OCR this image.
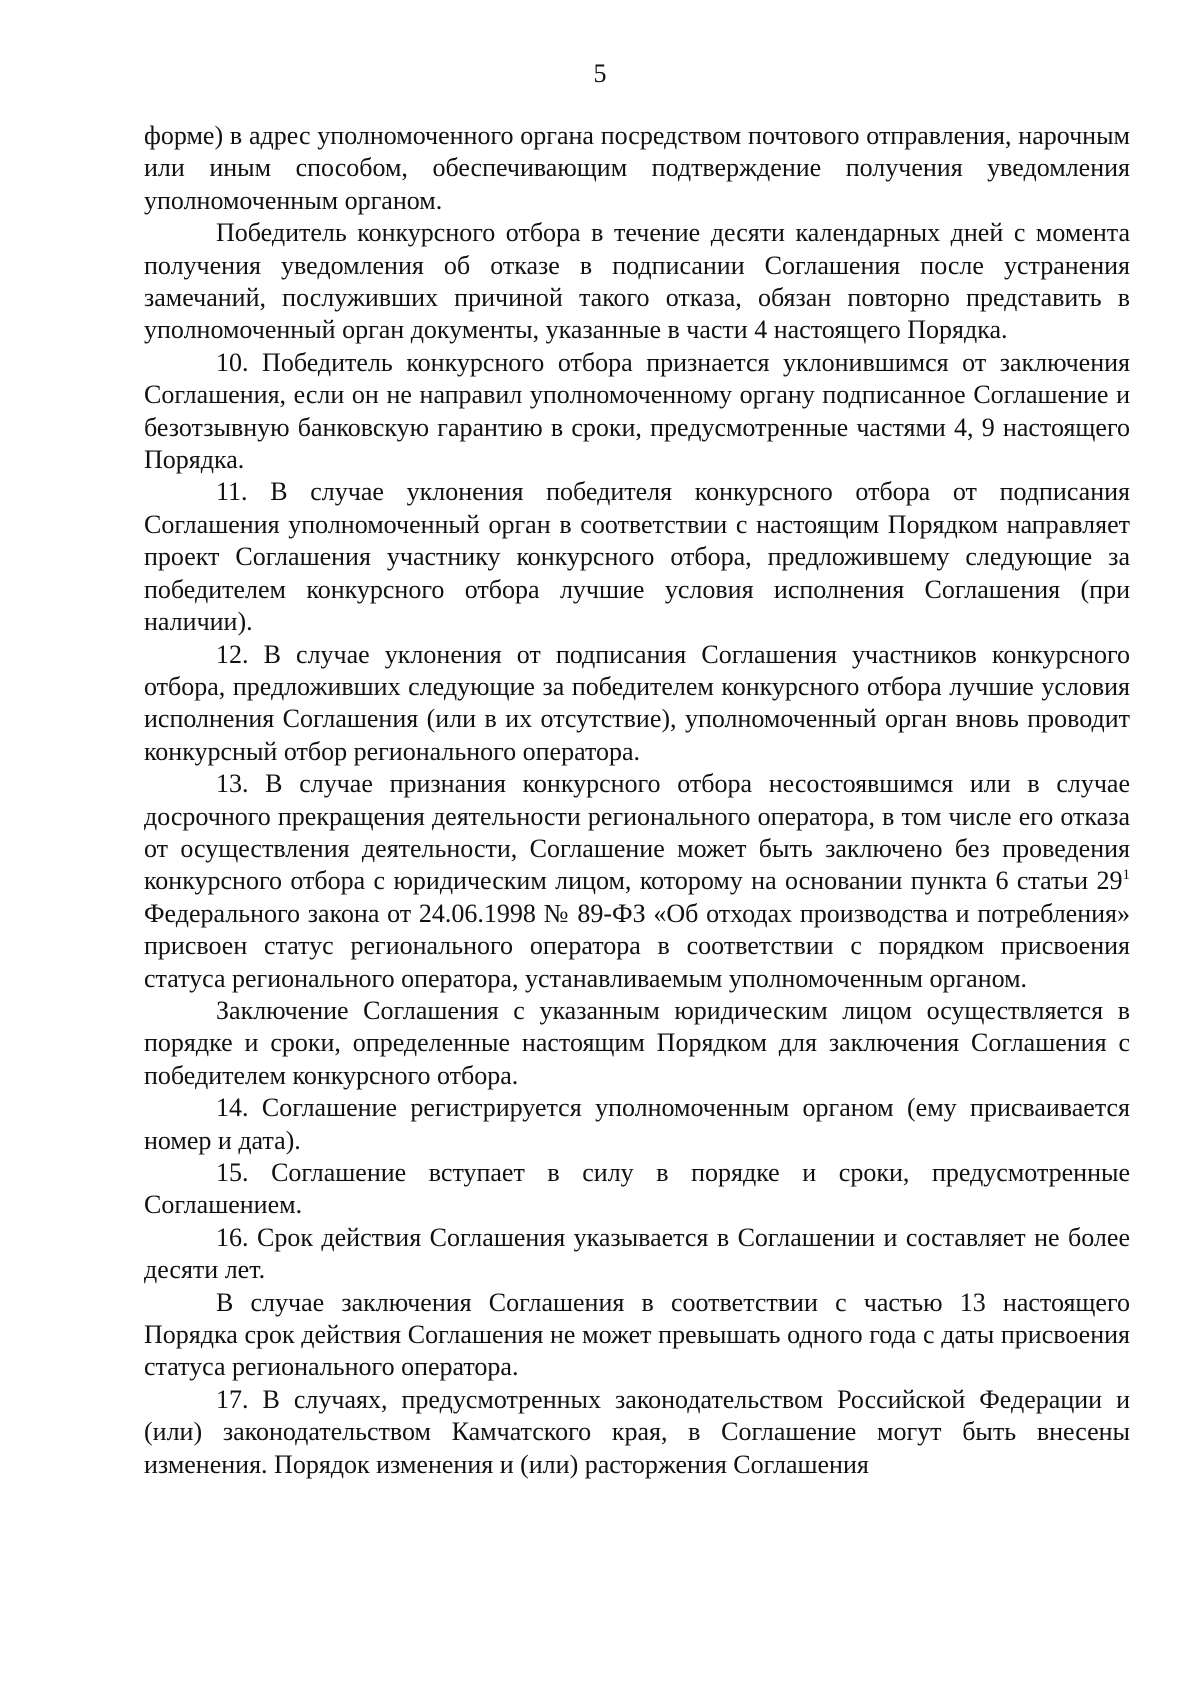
5

форме) в адрес уполномоченного органа посредством почтового отправления, нарочным или иным способом, обеспечивающим подтверждение получения уведомления уполномоченным органом.

Победитель конкурсного отбора в течение десяти календарных дней с момента получения уведомления об отказе в подписании Соглашения после устранения замечаний, послуживших причиной такого отказа, обязан повторно представить в уполномоченный орган документы, указанные в части 4 настоящего Порядка.

10. Победитель конкурсного отбора признается уклонившимся от заключения Соглашения, если он не направил уполномоченному органу подписанное Соглашение и безотзывную банковскую гарантию в сроки, предусмотренные частями 4, 9 настоящего Порядка.

11. В случае уклонения победителя конкурсного отбора от подписания Соглашения уполномоченный орган в соответствии с настоящим Порядком направляет проект Соглашения участнику конкурсного отбора, предложившему следующие за победителем конкурсного отбора лучшие условия исполнения Соглашения (при наличии).

12. В случае уклонения от подписания Соглашения участников конкурсного отбора, предложивших следующие за победителем конкурсного отбора лучшие условия исполнения Соглашения (или в их отсутствие), уполномоченный орган вновь проводит конкурсный отбор регионального оператора.

13. В случае признания конкурсного отбора несостоявшимся или в случае досрочного прекращения деятельности регионального оператора, в том числе его отказа от осуществления деятельности, Соглашение может быть заключено без проведения конкурсного отбора с юридическим лицом, которому на основании пункта 6 статьи $29^1$ Федерального закона от 24.06.1998 № 89-ФЗ «Об отходах производства и потребления» присвоен статус регионального оператора в соответствии с порядком присвоения статуса регионального оператора, устанавливаемым уполномоченным органом.

Заключение Соглашения с указанным юридическим лицом осуществляется в порядке и сроки, определенные настоящим Порядком для заключения Соглашения с победителем конкурсного отбора.

14. Соглашение регистрируется уполномоченным органом (ему присваивается номер и дата).

15. Соглашение вступает в силу в порядке и сроки, предусмотренные Соглашением.

16. Срок действия Соглашения указывается в Соглашении и составляет не более десяти лет.

В случае заключения Соглашения в соответствии с частью 13 настоящего Порядка срок действия Соглашения не может превышать одного года с даты присвоения статуса регионального оператора.

17. В случаях, предусмотренных законодательством Российской Федерации и (или) законодательством Камчатского края, в Соглашение могут быть внесены изменения. Порядок изменения и (или) расторжения Соглашения
